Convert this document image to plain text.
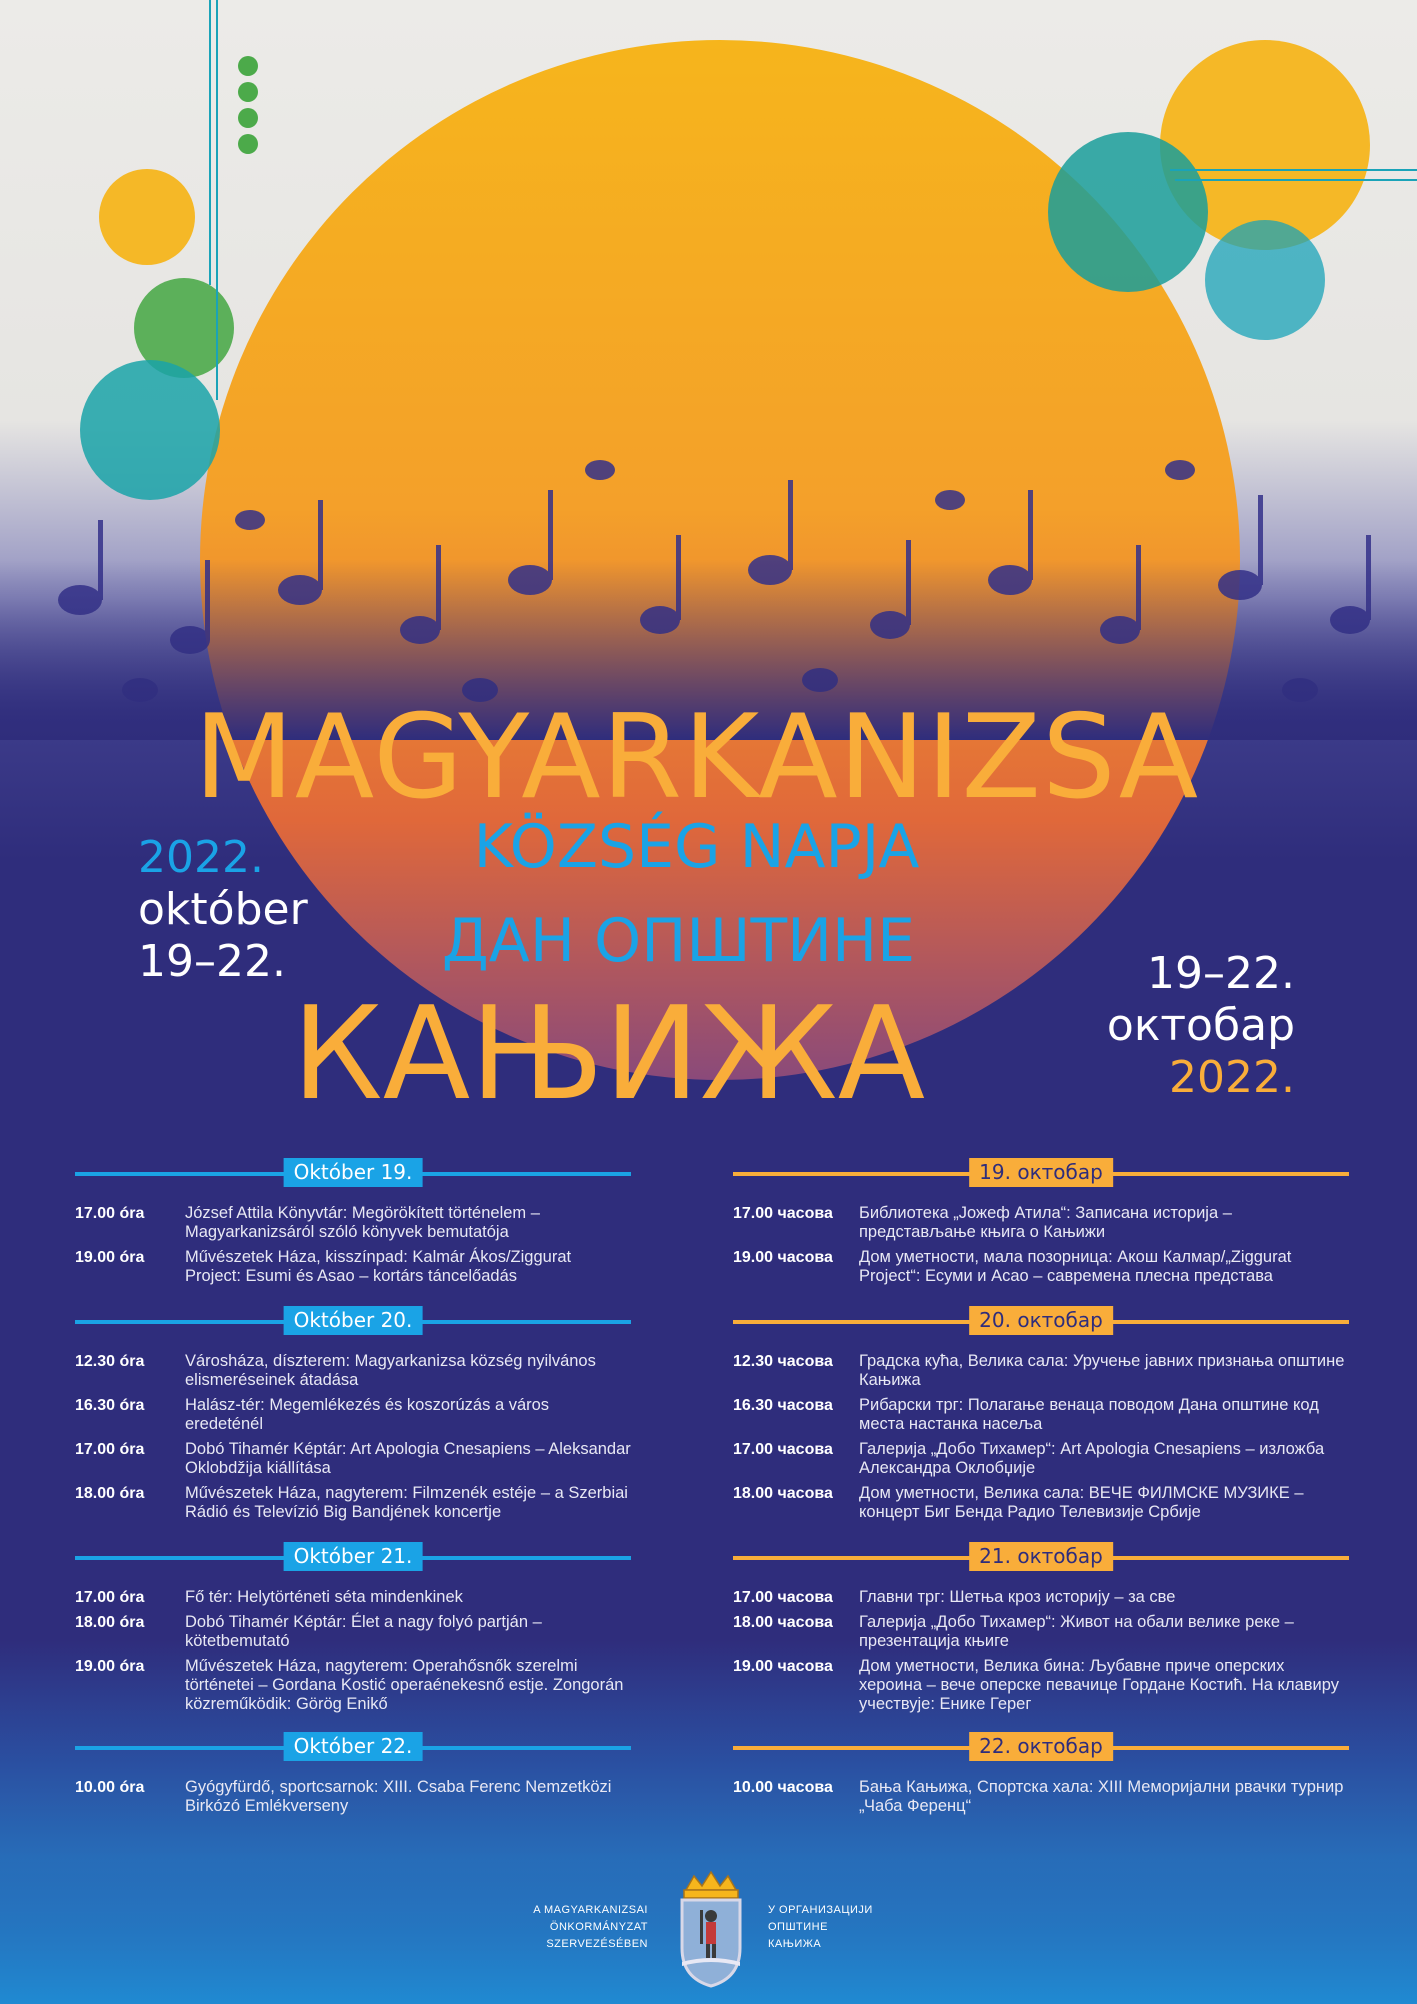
MAGYARKANIZSA
KÖZSÉG NAPJA
ДАН ОПШТИНЕ
КАЊИЖА
2022.
október
19–22.	19–22.
октобар
2022.
Október 19.
17.00 óra	József Attila Könyvtár: Megörökített történelem – Magyarkanizsáról szóló könyvek bemutatója
19.00 óra	Művészetek Háza, kisszínpad: Kalmár Ákos/Ziggurat Project: Esumi és Asao – kortárs táncelőadás
Október 20.
12.30 óra	Városháza, díszterem: Magyarkanizsa község nyilvános elismeréseinek átadása
16.30 óra	Halász-tér: Megemlékezés és koszorúzás a város eredeténél
17.00 óra	Dobó Tihamér Képtár: Art Apologia Cnesapiens – Aleksandar Oklobdžija kiállítása
18.00 óra	Művészetek Háza, nagyterem: Filmzenék estéje – a Szerbiai Rádió és Televízió Big Bandjének koncertje
Október 21.
17.00 óra	Fő tér: Helytörténeti séta mindenkinek
18.00 óra	Dobó Tihamér Képtár: Élet a nagy folyó partján – kötetbemutató
19.00 óra	Művészetek Háza, nagyterem: Operahősnők szerelmi történetei – Gordana Kostić operaénekesnő estje. Zongorán közreműködik: Görög Enikő
Október 22.
10.00 óra	Gyógyfürdő, sportcsarnok: XIII. Csaba Ferenc Nemzetközi Birkózó Emlékverseny
19. октобар
17.00 часова	Библиотека „Јожеф Атила“: Записана историја – представљање књига о Кањижи
19.00 часова	Дом уметности, мала позорница: Акош Калмар/„Ziggurat Project“: Есуми и Асао – савремена плесна представа
20. октобар
12.30 часова	Градска кућа, Велика сала: Уручење јавних признања општине Кањижа
16.30 часова	Рибарски трг: Полагање венаца поводом Дана општине код места настанка насеља
17.00 часова	Галерија „Добо Тихамер“: Art Apologia Cnesapiens – изложба Александра Оклобџије
18.00 часова	Дом уметности, Велика сала: ВЕЧЕ ФИЛМСКЕ МУЗИКЕ – концерт Биг Бенда Радио Телевизије Србије
21. октобар
17.00 часова	Главни трг: Шетња кроз историју – за све
18.00 часова	Галерија „Добо Тихамер“: Живот на обали велике реке – презентација књиге
19.00 часова	Дом уметности, Велика бина: Љубавне приче оперских хероина – вече оперске певачице Гордане Костић. На клавиру учествује: Енике Герег
22. октобар
10.00 часова	Бања Кањижа, Спортска хала: XIII Меморијални рвачки турнир „Чаба Ференц“
A MAGYARKANIZSAI
ÖNKORMÁNYZAT
SZERVEZÉSÉBEN
У ОРГАНИЗАЦИЈИ
ОПШТИНЕ
КАЊИЖА
